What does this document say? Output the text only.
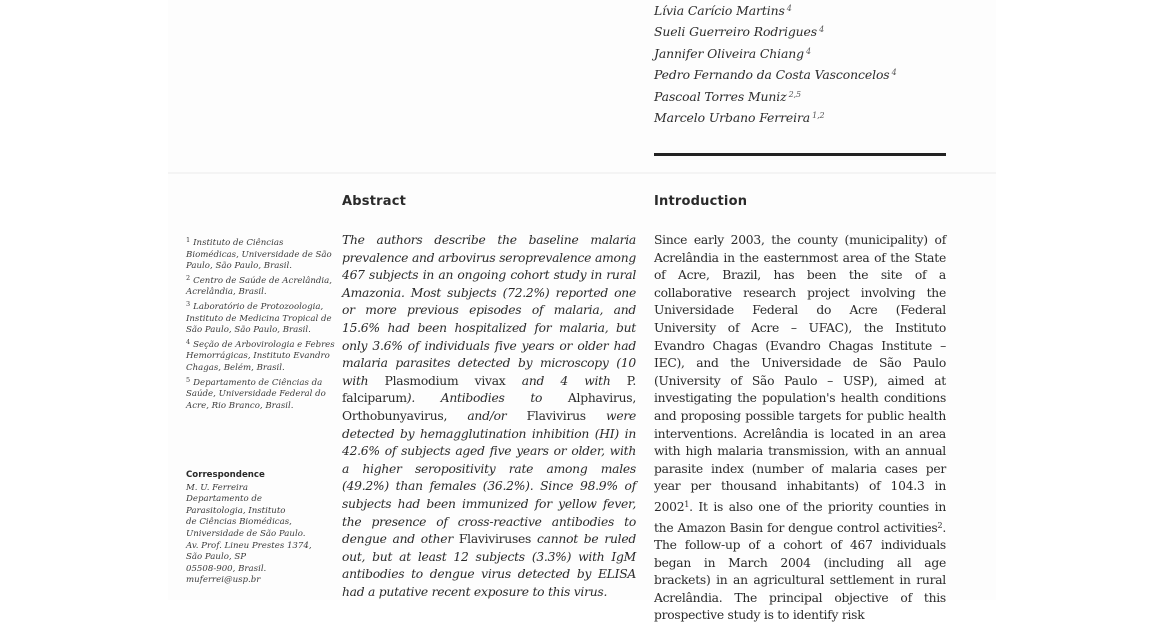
Lívia Carício Martins $^4$
Sueli Guerreiro Rodrigues $^4$
Jannifer Oliveira Chiang $^4$
Pedro Fernando da Costa Vasconcelos $^4$
Pascoal Torres Muniz $^{2,5}$
Marcelo Urbano Ferreira $^{1,2}$
Abstract	Introduction
The authors describe the baseline malaria prevalence and arbovirus seroprevalence among 467 subjects in an ongoing cohort study in rural Amazonia. Most subjects (72.2%) reported one or more previous episodes of malaria, and 15.6% had been hospitalized for malaria, but only 3.6% of individuals five years or older had malaria parasites detected by microscopy (10 with Plasmodium vivax and 4 with P. falciparum). Antibodies to Alphavirus, Orthobunyavirus, and/or Flavivirus were detected by hemagglutination inhibition (HI) in 42.6% of subjects aged five years or older, with a higher seropositivity rate among males (49.2%) than females (36.2%). Since 98.9% of subjects had been immunized for yellow fever, the presence of cross-reactive antibodies to dengue and other Flaviviruses cannot be ruled out, but at least 12 subjects (3.3%) with IgM antibodies to dengue virus detected by ELISA had a putative recent exposure to this virus.
Since early 2003, the county (municipality) of Acrelândia in the easternmost area of the State of Acre, Brazil, has been the site of a collaborative research project involving the Universidade Federal do Acre (Federal University of Acre – UFAC), the Instituto Evandro Chagas (Evandro Chagas Institute – IEC), and the Universidade de São Paulo (University of São Paulo – USP), aimed at investigating the population's health conditions and proposing possible targets for public health interventions. Acrelândia is located in an area with high malaria transmission, with an annual parasite index (number of malaria cases per year per thousand inhabitants) of 104.3 in 2002$^1$. It is also one of the priority counties in the Amazon Basin for dengue control activities$^2$. The follow-up of a cohort of 467 individuals began in March 2004 (including all age brackets) in an agricultural settlement in rural Acrelândia. The principal objective of this prospective study is to identify risk
$^1$ Instituto de Ciências Biomédicas, Universidade de São Paulo, São Paulo, Brasil.
$^2$ Centro de Saúde de Acrelândia, Acrelândia, Brasil.
$^3$ Laboratório de Protozoologia, Instituto de Medicina Tropical de São Paulo, São Paulo, Brasil.
$^4$ Seção de Arbovirologia e Febres Hemorrágicas, Instituto Evandro Chagas, Belém, Brasil.
$^5$ Departamento de Ciências da Saúde, Universidade Federal do Acre, Rio Branco, Brasil.
Correspondence
M. U. Ferreira
Departamento de
Parasitologia, Instituto
de Ciências Biomédicas,
Universidade de São Paulo.
Av. Prof. Lineu Prestes 1374,
São Paulo, SP
05508-900, Brasil.
muferrei@usp.br
